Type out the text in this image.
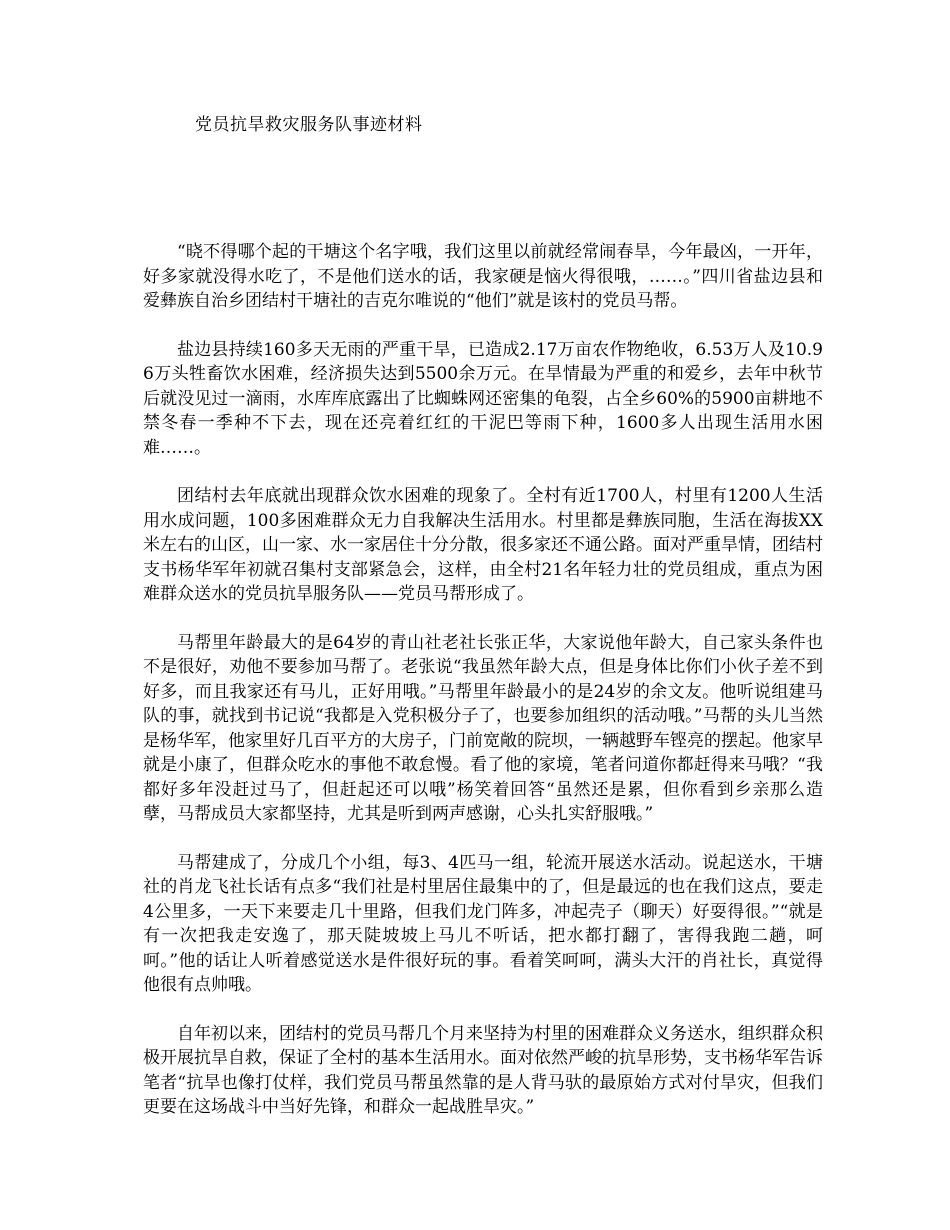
党员抗旱救灾服务队事迹材料

“晓不得哪个起的干塘这个名字哦，我们这里以前就经常闹春旱，今年最凶，一开年，好多家就没得水吃了，不是他们送水的话，我家硬是恼火得很哦，……。”四川省盐边县和爱彝族自治乡团结村干塘社的吉克尔唯说的“他们”就是该村的党员马帮。

盐边县持续160多天无雨的严重干旱，已造成2.17万亩农作物绝收，6.53万人及10.96万头牲畜饮水困难，经济损失达到5500余万元。在旱情最为严重的和爱乡，去年中秋节后就没见过一滴雨，水库库底露出了比蜘蛛网还密集的龟裂，占全乡60%的5900亩耕地不禁冬春一季种不下去，现在还亮着红红的干泥巴等雨下种，1600多人出现生活用水困难……。

团结村去年底就出现群众饮水困难的现象了。全村有近1700人，村里有1200人生活用水成问题，100多困难群众无力自我解决生活用水。村里都是彝族同胞，生活在海拔XX米左右的山区，山一家、水一家居住十分分散，很多家还不通公路。面对严重旱情，团结村支书杨华军年初就召集村支部紧急会，这样，由全村21名年轻力壮的党员组成，重点为困难群众送水的党员抗旱服务队——党员马帮形成了。

马帮里年龄最大的是64岁的青山社老社长张正华，大家说他年龄大，自己家头条件也不是很好，劝他不要参加马帮了。老张说“我虽然年龄大点，但是身体比你们小伙子差不到好多，而且我家还有马儿，正好用哦。”马帮里年龄最小的是24岁的余文友。他听说组建马队的事，就找到书记说“我都是入党积极分子了，也要参加组织的活动哦。”马帮的头儿当然是杨华军，他家里好几百平方的大房子，门前宽敞的院坝，一辆越野车铿亮的摆起。他家早就是小康了，但群众吃水的事他不敢怠慢。看了他的家境，笔者问道你都赶得来马哦？“我都好多年没赶过马了，但赶起还可以哦”杨笑着回答“虽然还是累，但你看到乡亲那么造孽，马帮成员大家都坚持，尤其是听到两声感谢，心头扎实舒服哦。”

马帮建成了，分成几个小组，每3、4匹马一组，轮流开展送水活动。说起送水，干塘社的肖龙飞社长话有点多“我们社是村里居住最集中的了，但是最远的也在我们这点，要走4公里多，一天下来要走几十里路，但我们龙门阵多，冲起壳子（聊天）好耍得很。”“就是有一次把我走安逸了，那天陡坡坡上马儿不听话，把水都打翻了，害得我跑二趟，呵呵。”他的话让人听着感觉送水是件很好玩的事。看着笑呵呵，满头大汗的肖社长，真觉得他很有点帅哦。

自年初以来，团结村的党员马帮几个月来坚持为村里的困难群众义务送水，组织群众积极开展抗旱自救，保证了全村的基本生活用水。面对依然严峻的抗旱形势，支书杨华军告诉笔者“抗旱也像打仗样，我们党员马帮虽然靠的是人背马驮的最原始方式对付旱灾，但我们更要在这场战斗中当好先锋，和群众一起战胜旱灾。”
